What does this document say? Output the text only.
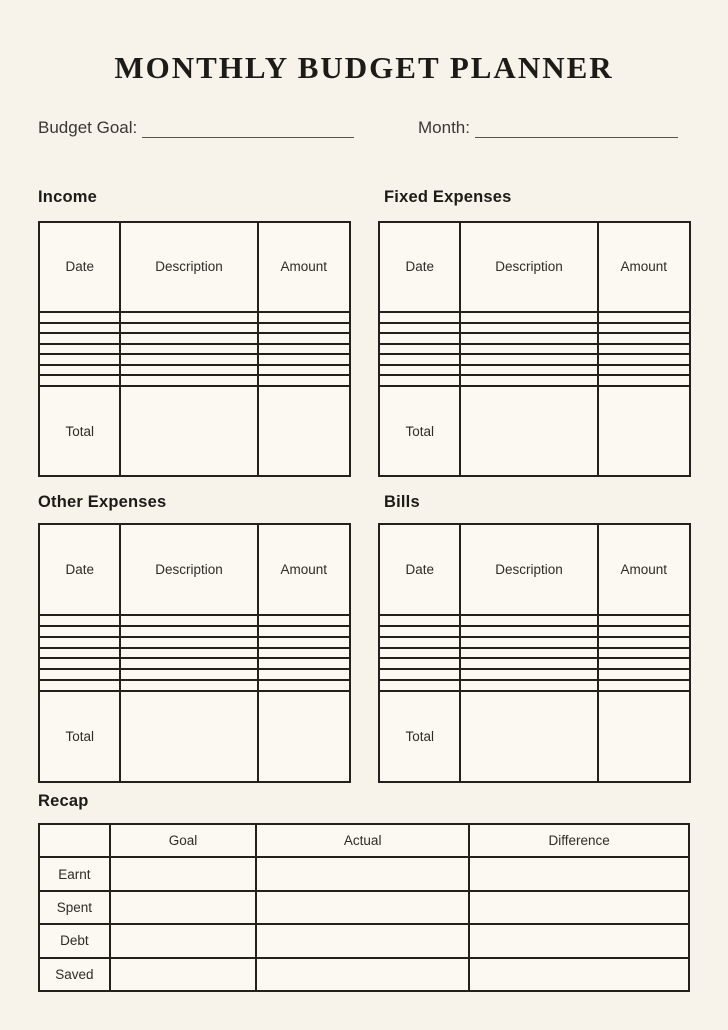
MONTHLY BUDGET PLANNER
Budget Goal:	Month:
Income	Fixed Expenses
Other Expenses	Bills
Recap
Date	Description	Amount

Total		
Date	Description	Amount

Total		
Date	Description	Amount

Total		
Date	Description	Amount

Total		
	Goal	Actual	Difference
Earnt			
Spent			
Debt			
Saved			
